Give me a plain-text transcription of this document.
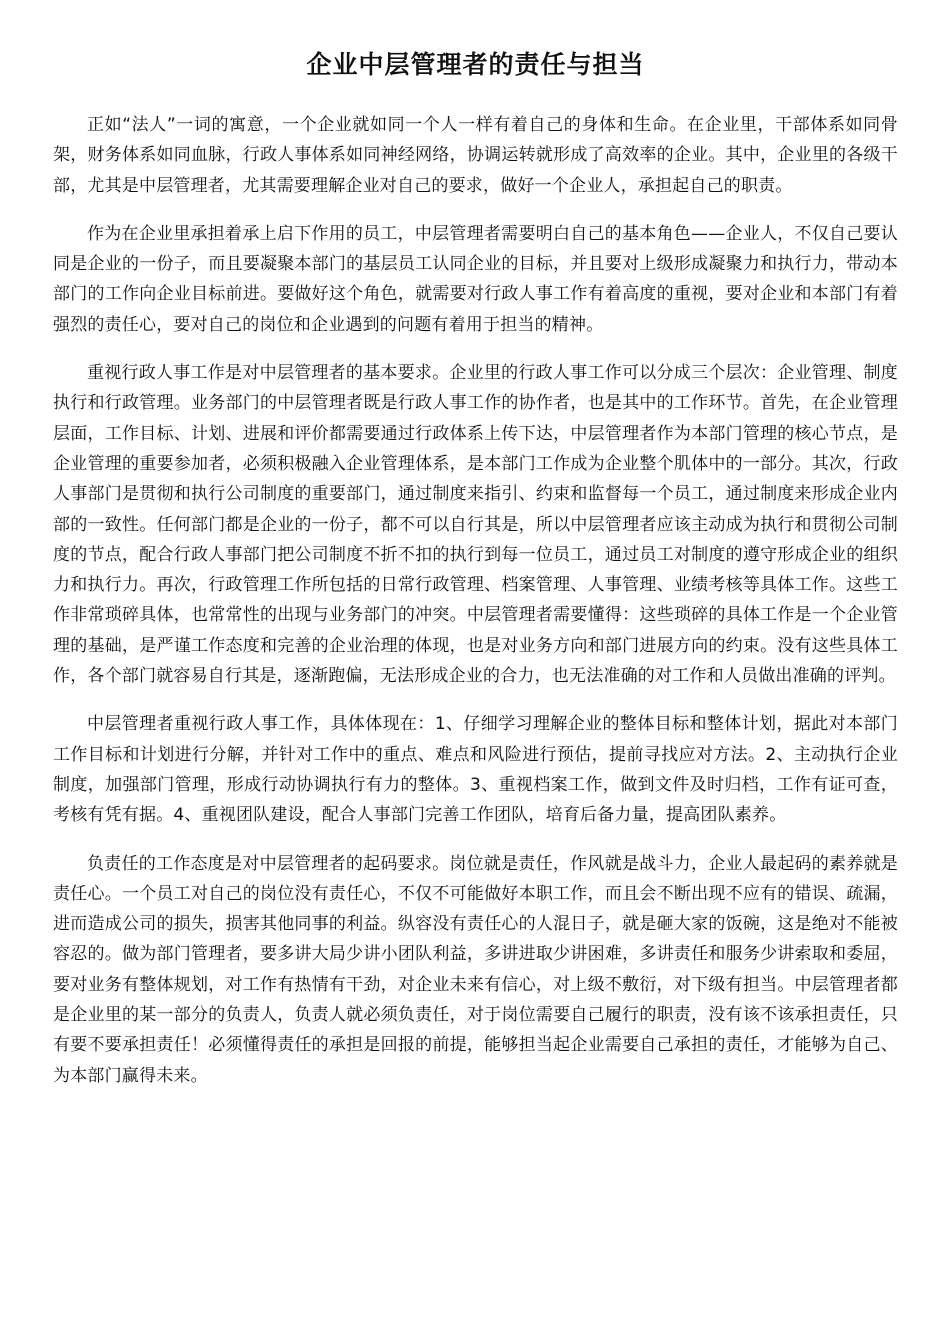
企业中层管理者的责任与担当

正如“法人”一词的寓意，一个企业就如同一个人一样有着自己的身体和生命。在企业里，干部体系如同骨架，财务体系如同血脉，行政人事体系如同神经网络，协调运转就形成了高效率的企业。其中，企业里的各级干部，尤其是中层管理者，尤其需要理解企业对自己的要求，做好一个企业人，承担起自己的职责。

作为在企业里承担着承上启下作用的员工，中层管理者需要明白自己的基本角色——企业人，不仅自己要认同是企业的一份子，而且要凝聚本部门的基层员工认同企业的目标，并且要对上级形成凝聚力和执行力，带动本部门的工作向企业目标前进。要做好这个角色，就需要对行政人事工作有着高度的重视，要对企业和本部门有着强烈的责任心，要对自己的岗位和企业遇到的问题有着用于担当的精神。

重视行政人事工作是对中层管理者的基本要求。企业里的行政人事工作可以分成三个层次：企业管理、制度执行和行政管理。业务部门的中层管理者既是行政人事工作的协作者，也是其中的工作环节。首先，在企业管理层面，工作目标、计划、进展和评价都需要通过行政体系上传下达，中层管理者作为本部门管理的核心节点，是企业管理的重要参加者，必须积极融入企业管理体系，是本部门工作成为企业整个肌体中的一部分。其次，行政人事部门是贯彻和执行公司制度的重要部门，通过制度来指引、约束和监督每一个员工，通过制度来形成企业内部的一致性。任何部门都是企业的一份子，都不可以自行其是，所以中层管理者应该主动成为执行和贯彻公司制度的节点，配合行政人事部门把公司制度不折不扣的执行到每一位员工，通过员工对制度的遵守形成企业的组织力和执行力。再次，行政管理工作所包括的日常行政管理、档案管理、人事管理、业绩考核等具体工作。这些工作非常琐碎具体，也常常性的出现与业务部门的冲突。中层管理者需要懂得：这些琐碎的具体工作是一个企业管理的基础，是严谨工作态度和完善的企业治理的体现，也是对业务方向和部门进展方向的约束。没有这些具体工作，各个部门就容易自行其是，逐渐跑偏，无法形成企业的合力，也无法准确的对工作和人员做出准确的评判。

中层管理者重视行政人事工作，具体体现在：1、仔细学习理解企业的整体目标和整体计划，据此对本部门工作目标和计划进行分解，并针对工作中的重点、难点和风险进行预估，提前寻找应对方法。2、主动执行企业制度，加强部门管理，形成行动协调执行有力的整体。3、重视档案工作，做到文件及时归档，工作有证可查，考核有凭有据。4、重视团队建设，配合人事部门完善工作团队，培育后备力量，提高团队素养。

负责任的工作态度是对中层管理者的起码要求。岗位就是责任，作风就是战斗力，企业人最起码的素养就是责任心。一个员工对自己的岗位没有责任心，不仅不可能做好本职工作，而且会不断出现不应有的错误、疏漏，进而造成公司的损失，损害其他同事的利益。纵容没有责任心的人混日子，就是砸大家的饭碗，这是绝对不能被容忍的。做为部门管理者，要多讲大局少讲小团队利益，多讲进取少讲困难，多讲责任和服务少讲索取和委屈，要对业务有整体规划，对工作有热情有干劲，对企业未来有信心，对上级不敷衍，对下级有担当。中层管理者都是企业里的某一部分的负责人，负责人就必须负责任，对于岗位需要自己履行的职责，没有该不该承担责任，只有要不要承担责任！必须懂得责任的承担是回报的前提，能够担当起企业需要自己承担的责任，才能够为自己、为本部门赢得未来。
